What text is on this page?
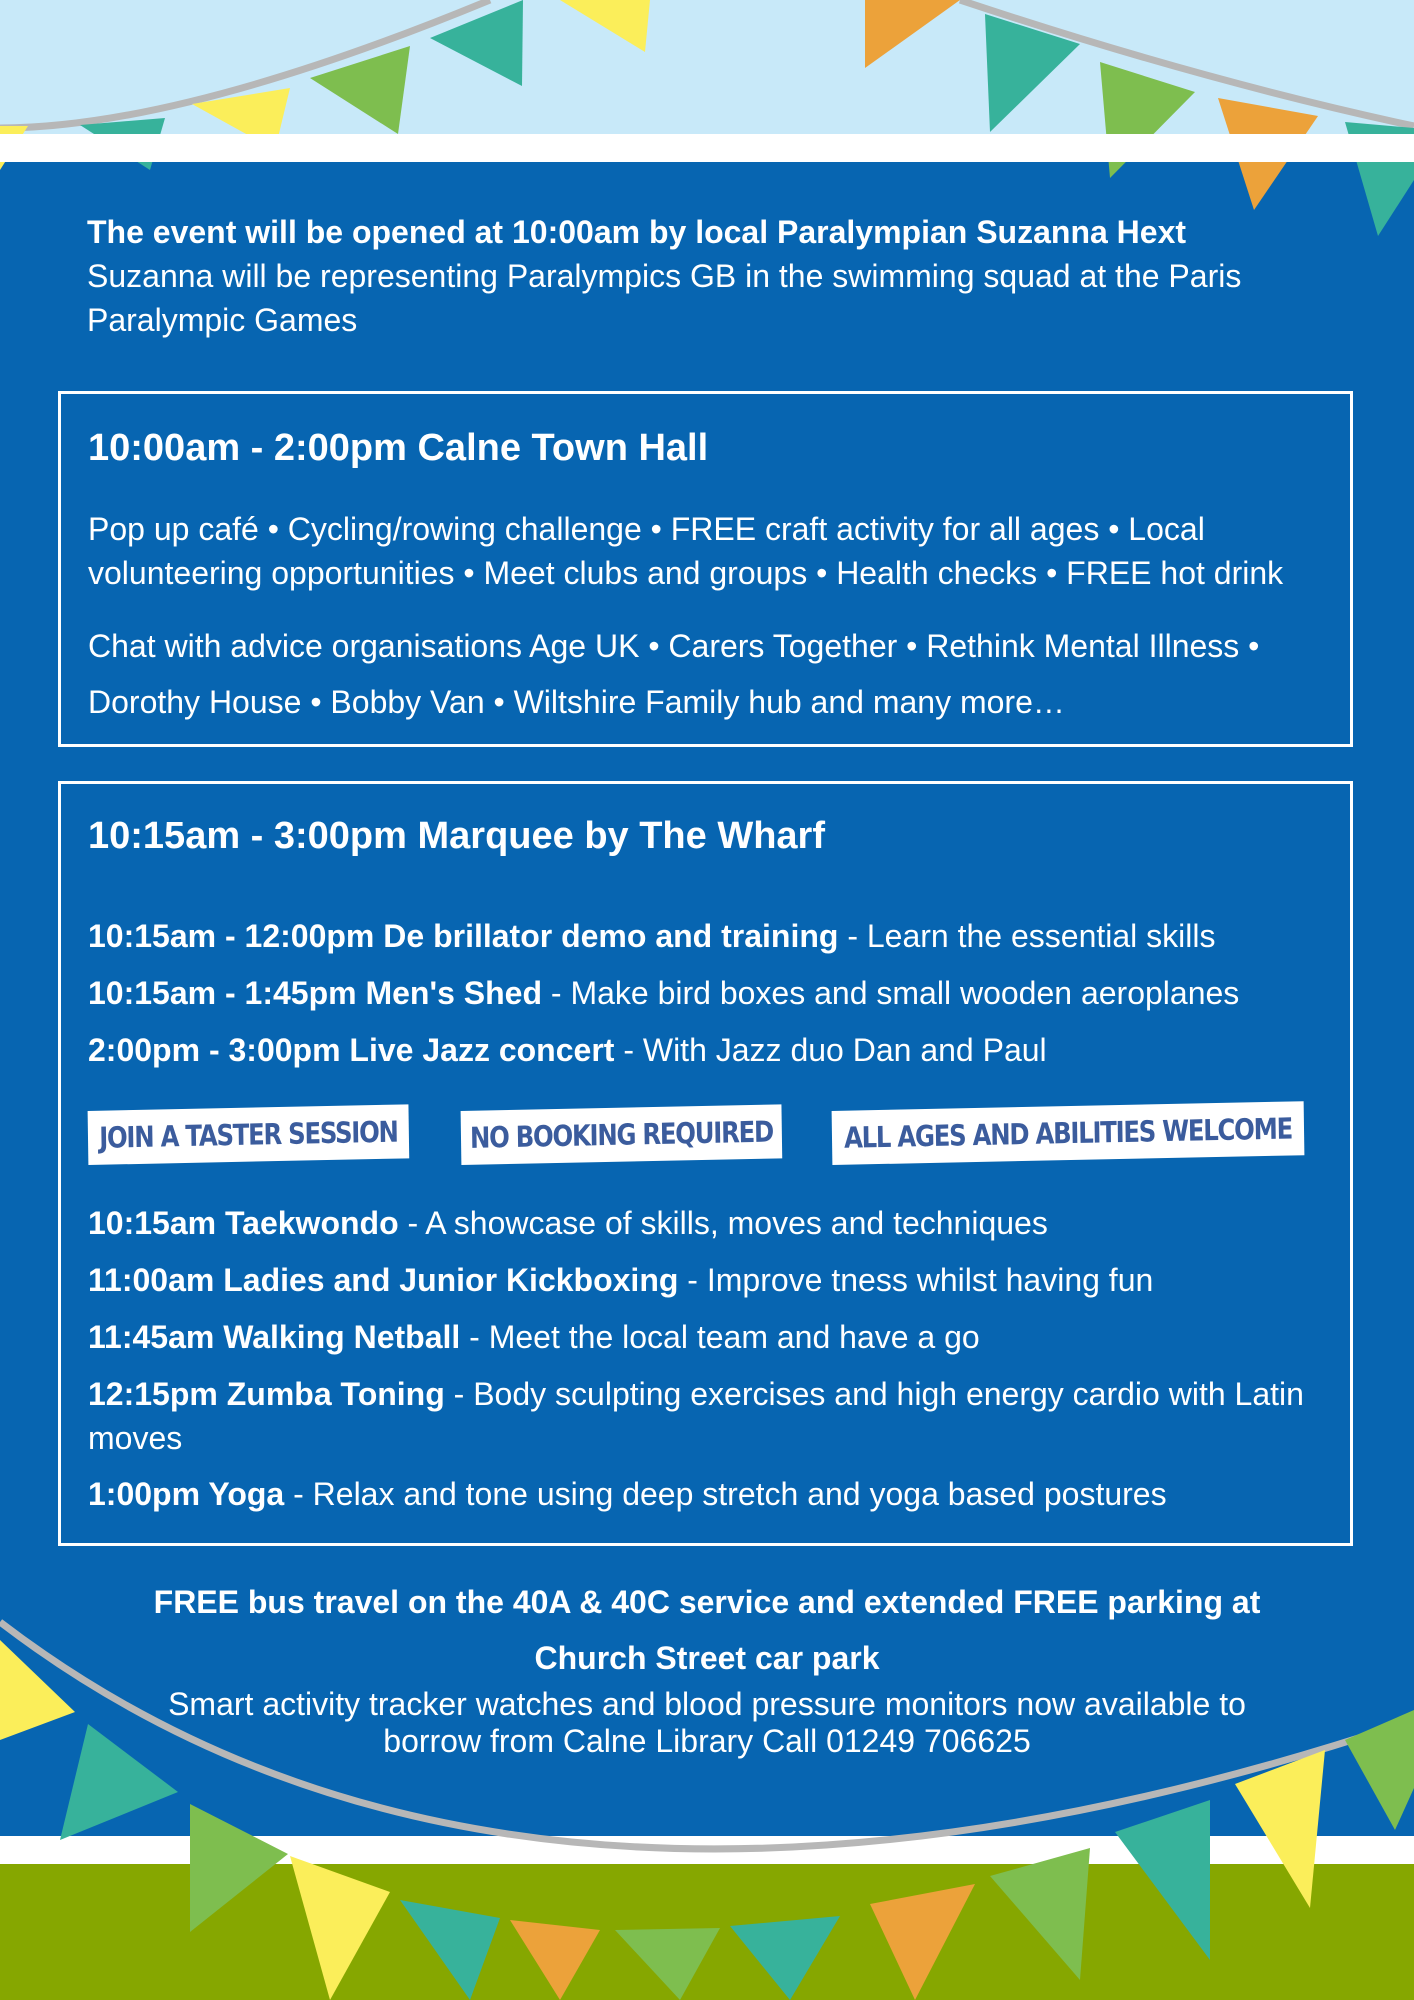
The event will be opened at 10:00am by local Paralympian Suzanna Hext

Suzanna will be representing Paralympics GB in the swimming squad at the Paris Paralympic Games

10:00am - 2:00pm Calne Town Hall

Pop up café • Cycling/rowing challenge • FREE craft activity for all ages • Local volunteering opportunities • Meet clubs and groups • Health checks • FREE hot drink

Chat with advice organisations Age UK • Carers Together • Rethink Mental Illness • Dorothy House • Bobby Van • Wiltshire Family hub and many more…

10:15am - 3:00pm Marquee by The Wharf
10:15am - 12:00pm De brillator demo and training - Learn the essential skills
10:15am - 1:45pm Men's Shed - Make bird boxes and small wooden aeroplanes
2:00pm - 3:00pm Live Jazz concert - With Jazz duo Dan and Paul
JOIN A TASTER SESSION	NO BOOKING REQUIRED	ALL AGES AND ABILITIES WELCOME
10:15am Taekwondo - A showcase of skills, moves and techniques
11:00am Ladies and Junior Kickboxing - Improve tness whilst having fun
11:45am Walking Netball - Meet the local team and have a go
12:15pm Zumba Toning - Body sculpting exercises and high energy cardio with Latin moves
1:00pm Yoga - Relax and tone using deep stretch and yoga based postures

FREE bus travel on the 40A & 40C service and extended FREE parking at

Church Street car park

Smart activity tracker watches and blood pressure monitors now available to

borrow from Calne Library Call 01249 706625
